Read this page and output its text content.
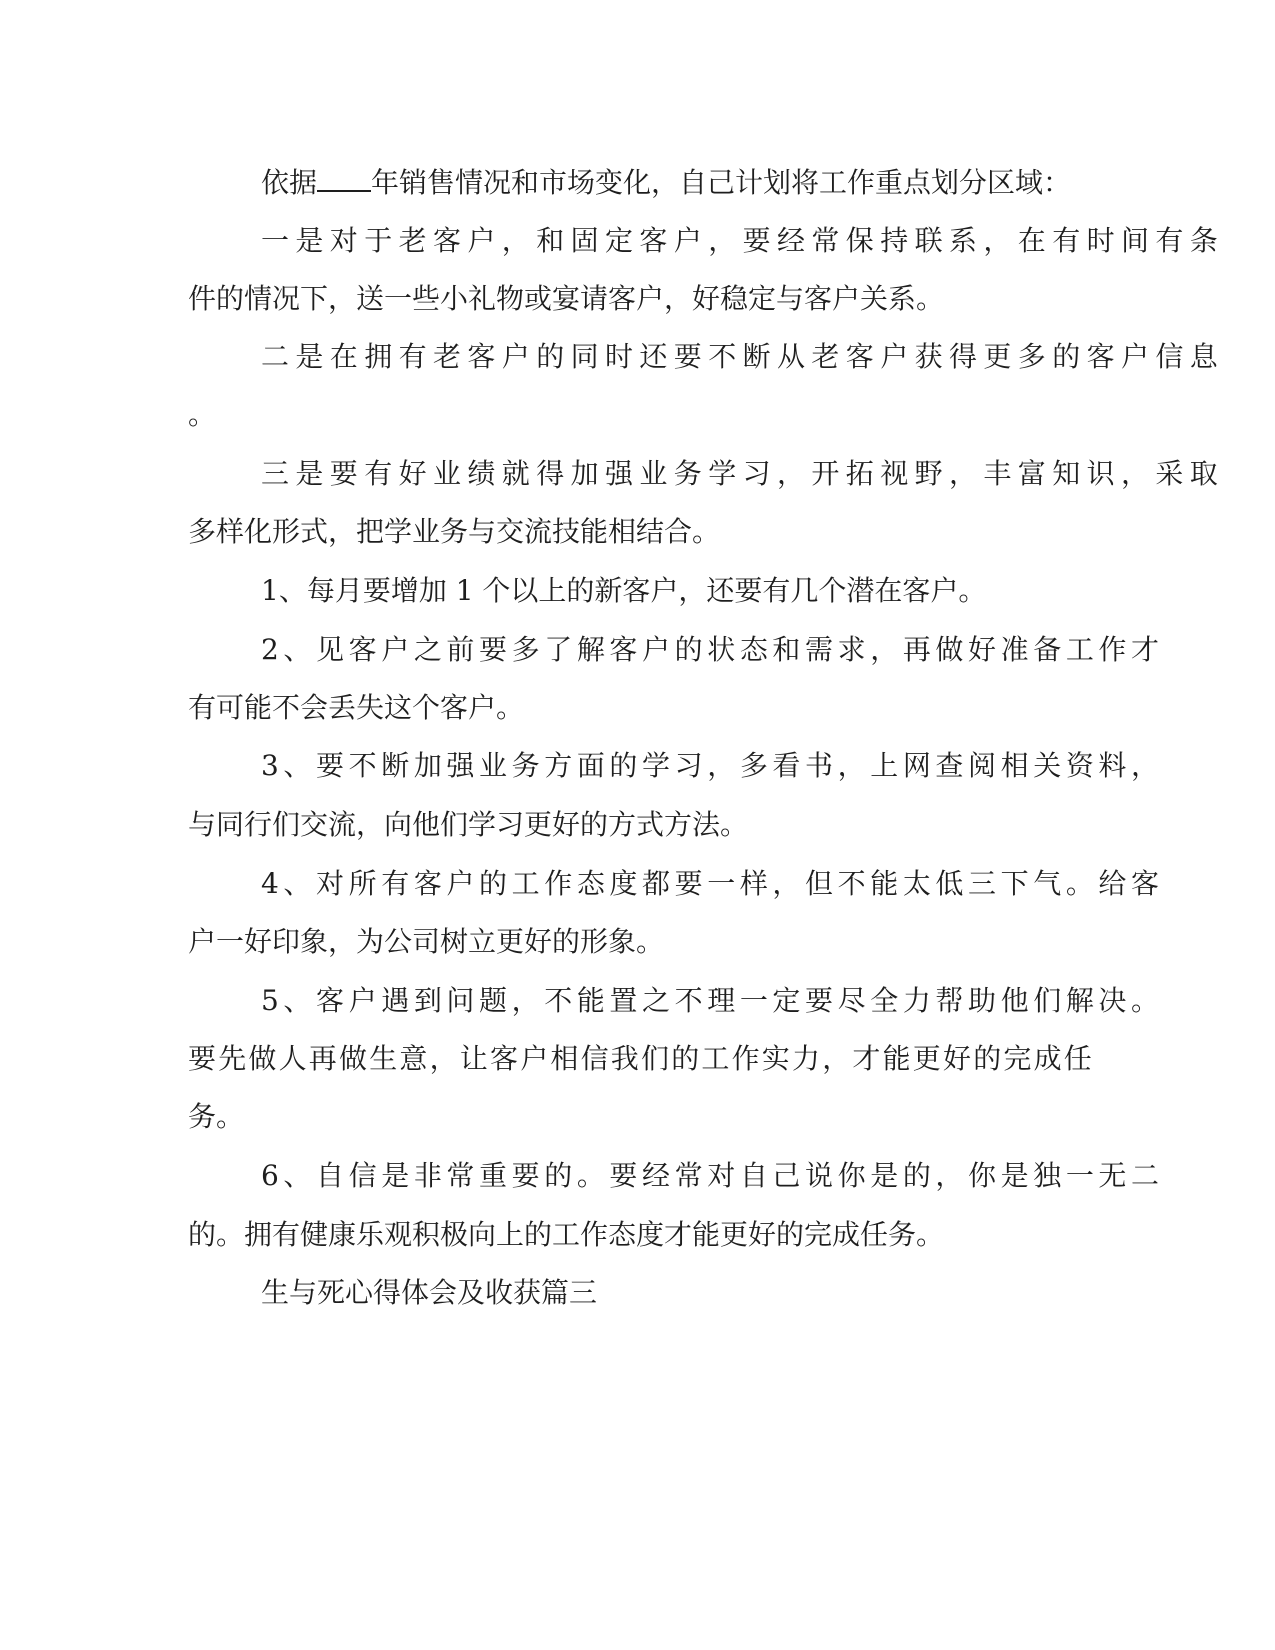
依据 年销售情况和市场变化，自己计划将工作重点划分区域：

一是对于老客户，和固定客户，要经常保持联系，在有时间有条

件的情况下，送一些小礼物或宴请客户，好稳定与客户关系。

二是在拥有老客户的同时还要不断从老客户获得更多的客户信息

。

三是要有好业绩就得加强业务学习，开拓视野，丰富知识，采取

多样化形式，把学业务与交流技能相结合。

1、每月要增加 1 个以上的新客户，还要有几个潜在客户。

2、见客户之前要多了解客户的状态和需求，再做好准备工作才

有可能不会丢失这个客户。

3、要不断加强业务方面的学习，多看书，上网查阅相关资料，

与同行们交流，向他们学习更好的方式方法。

4、对所有客户的工作态度都要一样，但不能太低三下气。给客

户一好印象，为公司树立更好的形象。

5、客户遇到问题，不能置之不理一定要尽全力帮助他们解决。

要先做人再做生意，让客户相信我们的工作实力，才能更好的完成任

务。

6、自信是非常重要的。要经常对自己说你是的，你是独一无二

的。拥有健康乐观积极向上的工作态度才能更好的完成任务。

生与死心得体会及收获篇三
